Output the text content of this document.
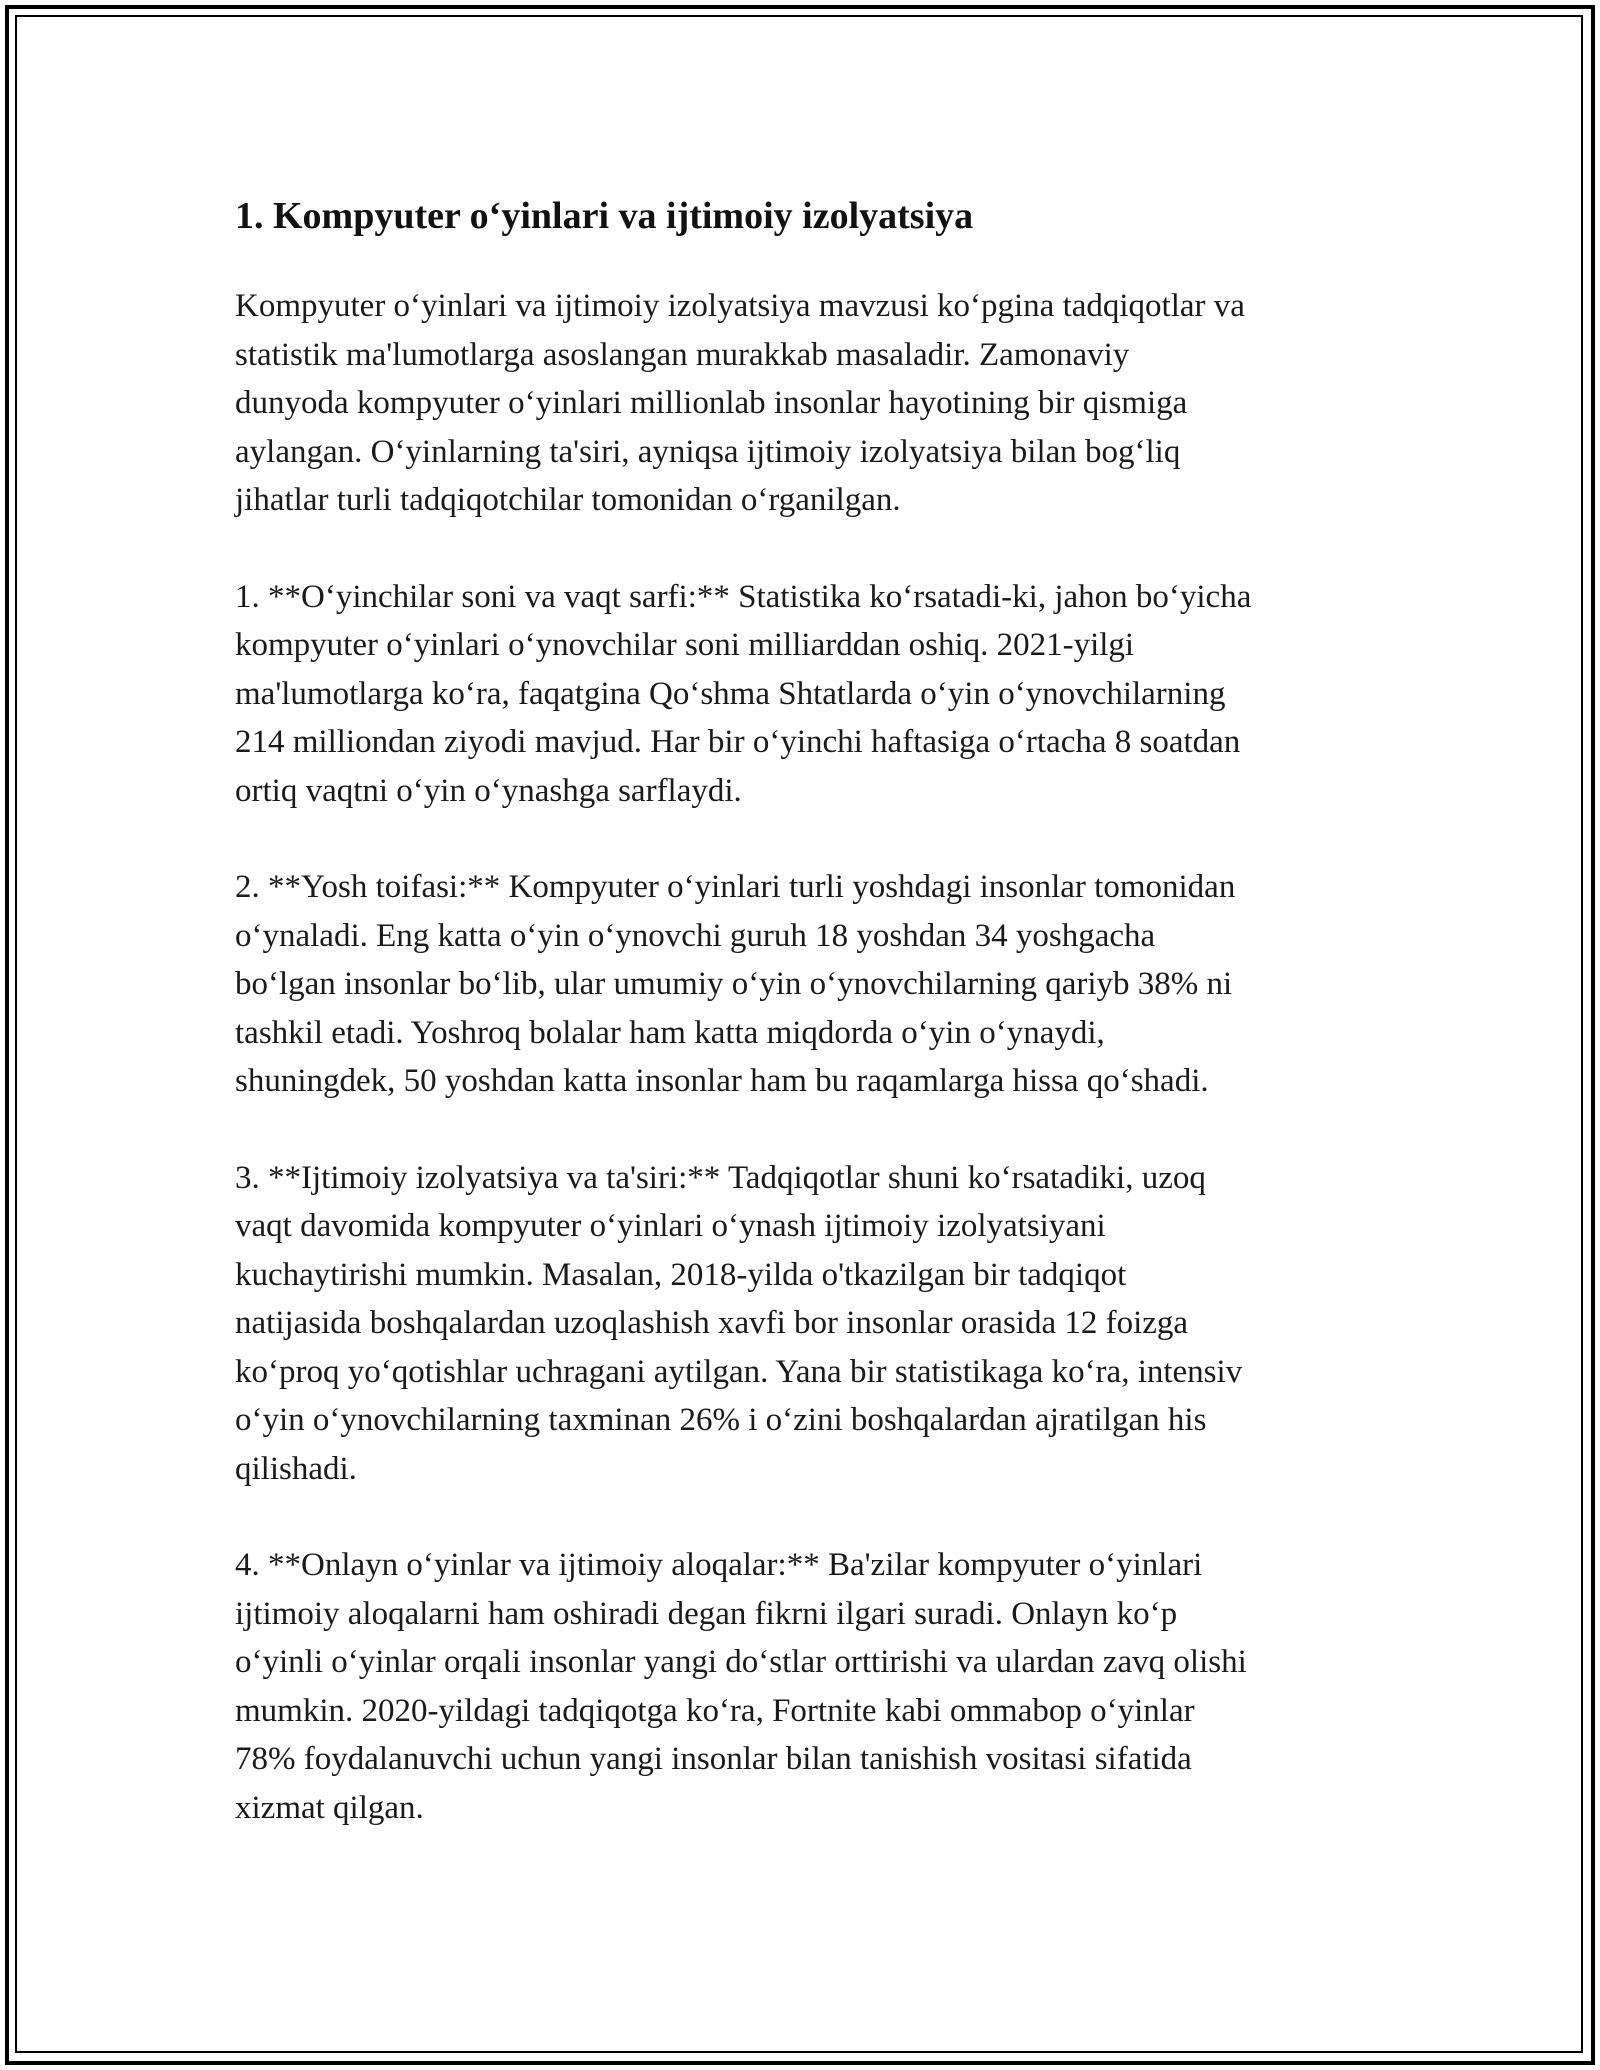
1. Kompyuter o‘yinlari va ijtimoiy izolyatsiya

Kompyuter o‘yinlari va ijtimoiy izolyatsiya mavzusi ko‘pgina tadqiqotlar va
statistik ma'lumotlarga asoslangan murakkab masaladir. Zamonaviy
dunyoda kompyuter o‘yinlari millionlab insonlar hayotining bir qismiga
aylangan. O‘yinlarning ta'siri, ayniqsa ijtimoiy izolyatsiya bilan bog‘liq
jihatlar turli tadqiqotchilar tomonidan o‘rganilgan.

1. **O‘yinchilar soni va vaqt sarfi:** Statistika ko‘rsatadi-ki, jahon bo‘yicha
kompyuter o‘yinlari o‘ynovchilar soni milliarddan oshiq. 2021-yilgi
ma'lumotlarga ko‘ra, faqatgina Qo‘shma Shtatlarda o‘yin o‘ynovchilarning
214 milliondan ziyodi mavjud. Har bir o‘yinchi haftasiga o‘rtacha 8 soatdan
ortiq vaqtni o‘yin o‘ynashga sarflaydi.

2. **Yosh toifasi:** Kompyuter o‘yinlari turli yoshdagi insonlar tomonidan
o‘ynaladi. Eng katta o‘yin o‘ynovchi guruh 18 yoshdan 34 yoshgacha
bo‘lgan insonlar bo‘lib, ular umumiy o‘yin o‘ynovchilarning qariyb 38% ni
tashkil etadi. Yoshroq bolalar ham katta miqdorda o‘yin o‘ynaydi,
shuningdek, 50 yoshdan katta insonlar ham bu raqamlarga hissa qo‘shadi.

3. **Ijtimoiy izolyatsiya va ta'siri:** Tadqiqotlar shuni ko‘rsatadiki, uzoq
vaqt davomida kompyuter o‘yinlari o‘ynash ijtimoiy izolyatsiyani
kuchaytirishi mumkin. Masalan, 2018-yilda o'tkazilgan bir tadqiqot
natijasida boshqalardan uzoqlashish xavfi bor insonlar orasida 12 foizga
ko‘proq yo‘qotishlar uchragani aytilgan. Yana bir statistikaga ko‘ra, intensiv
o‘yin o‘ynovchilarning taxminan 26% i o‘zini boshqalardan ajratilgan his
qilishadi.

4. **Onlayn o‘yinlar va ijtimoiy aloqalar:** Ba'zilar kompyuter o‘yinlari
ijtimoiy aloqalarni ham oshiradi degan fikrni ilgari suradi. Onlayn ko‘p
o‘yinli o‘yinlar orqali insonlar yangi do‘stlar orttirishi va ulardan zavq olishi
mumkin. 2020-yildagi tadqiqotga ko‘ra, Fortnite kabi ommabop o‘yinlar
78% foydalanuvchi uchun yangi insonlar bilan tanishish vositasi sifatida
xizmat qilgan.
